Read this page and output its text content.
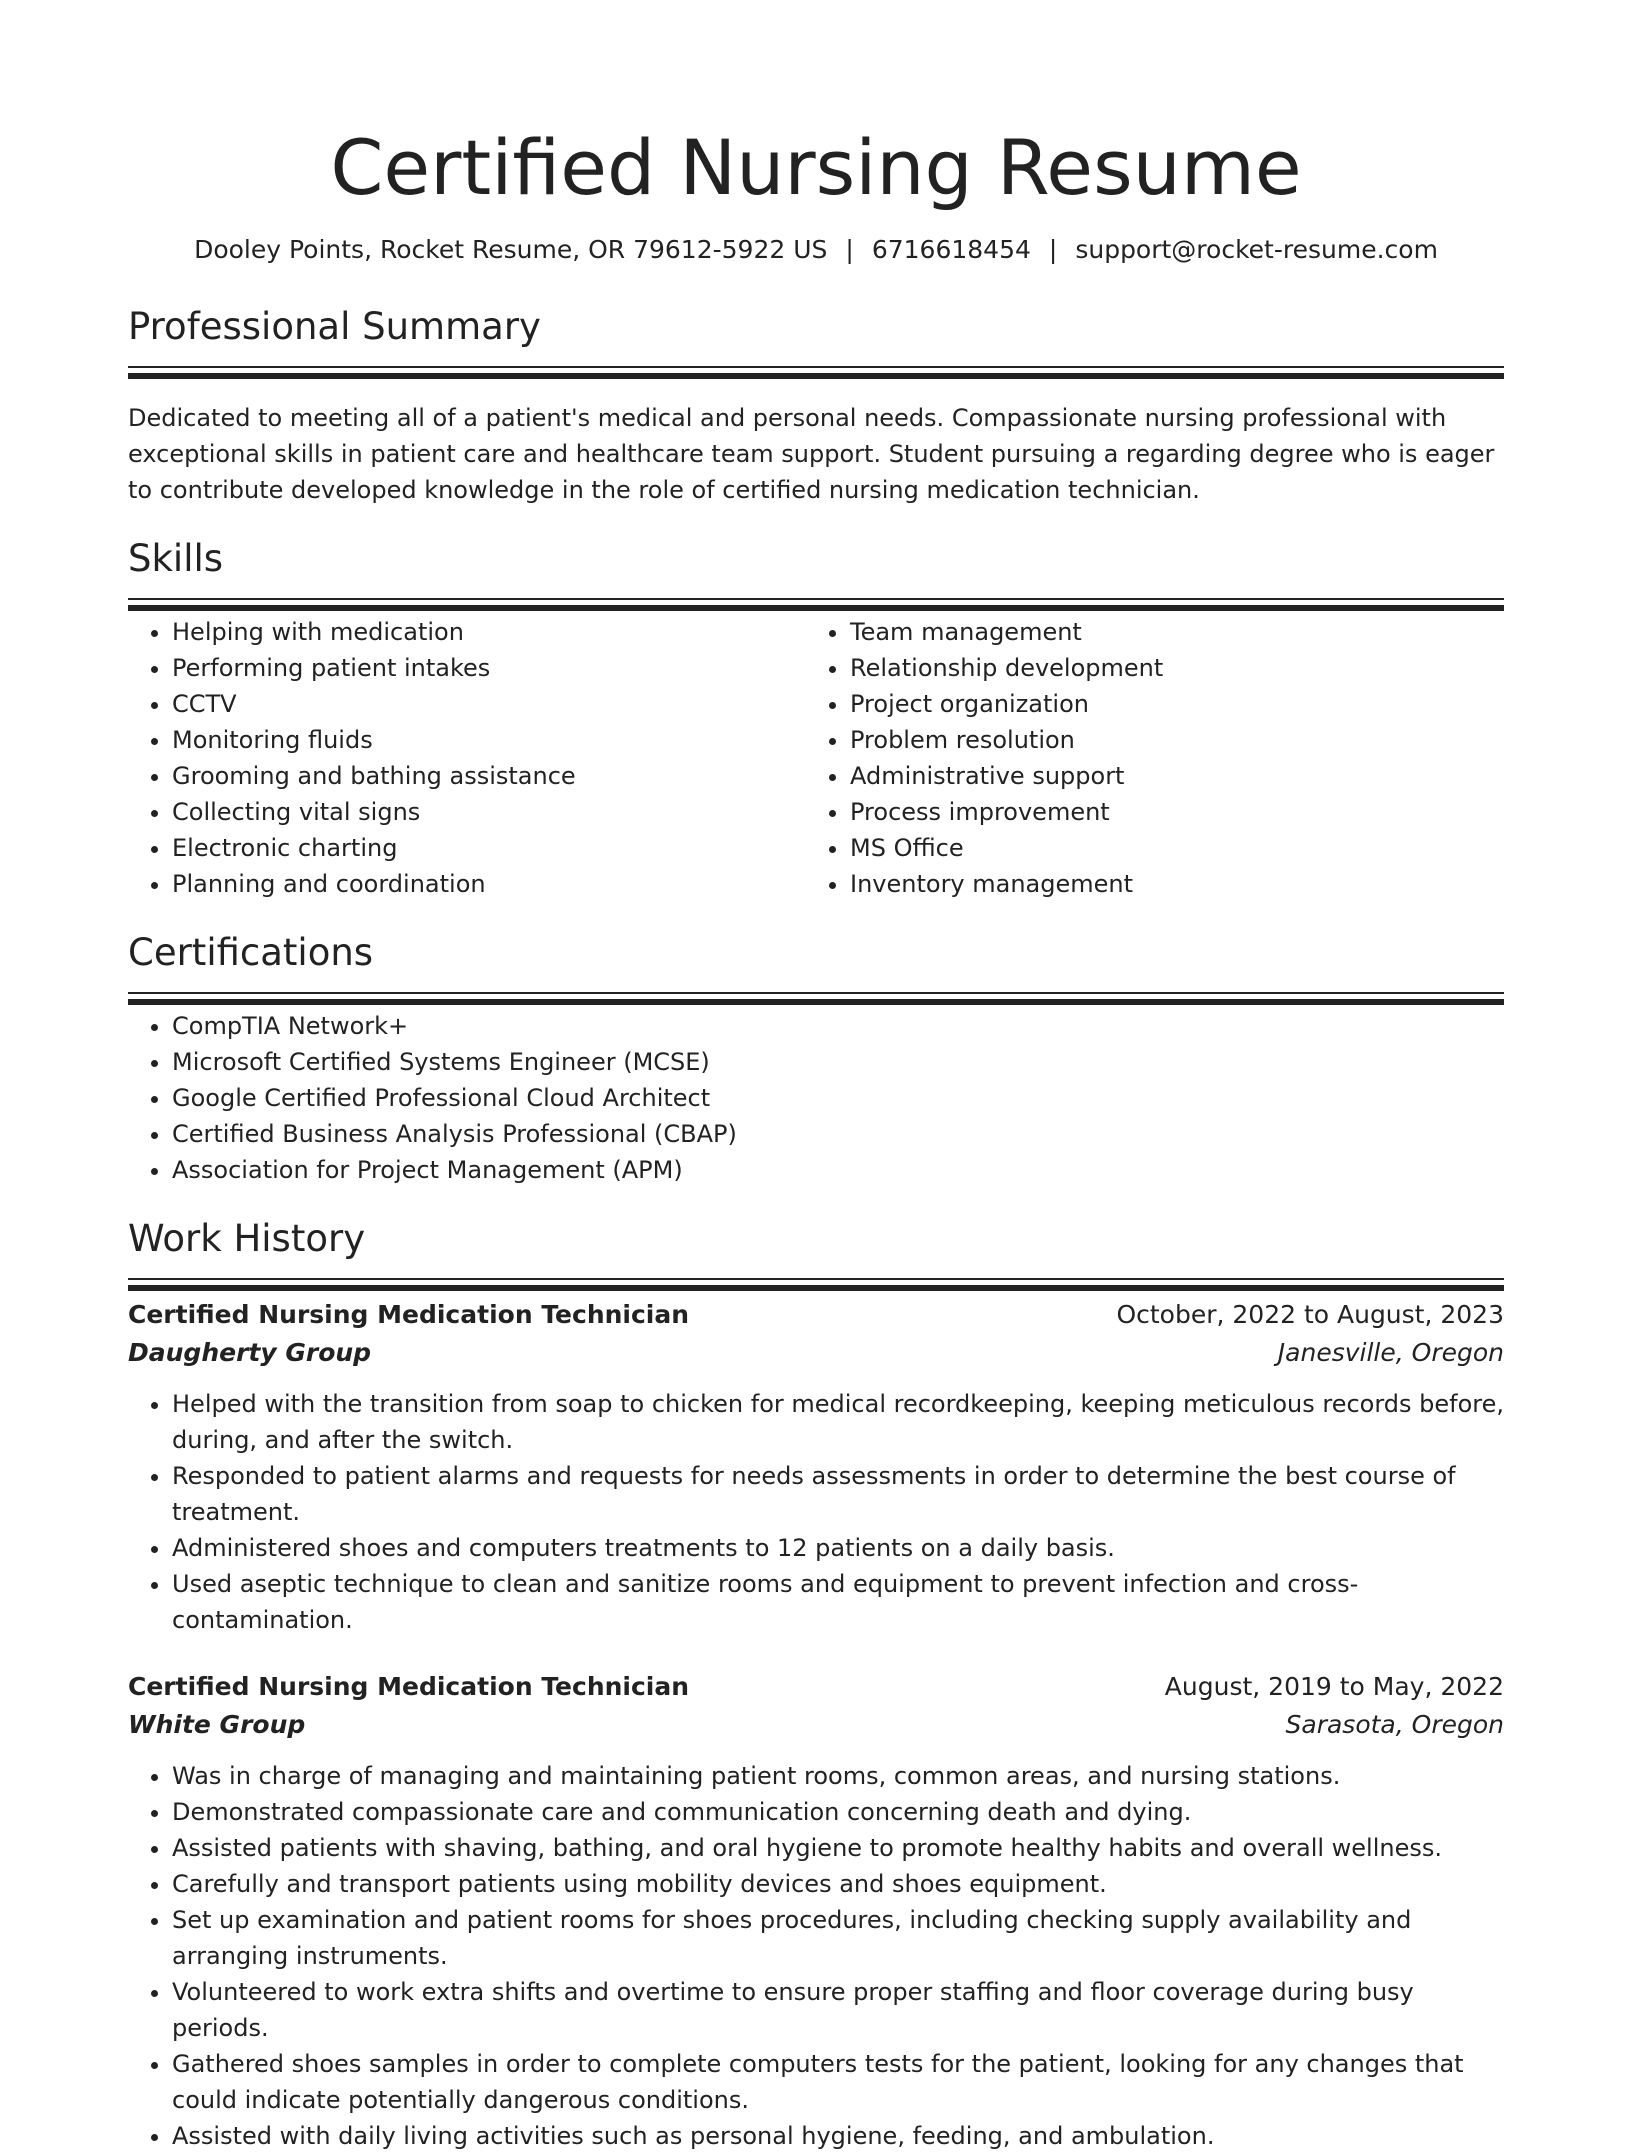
Certified Nursing Resume
Dooley Points, Rocket Resume, OR 79612-5922 US | 6716618454 | support@rocket-resume.com
Professional Summary

Dedicated to meeting all of a patient's medical and personal needs. Compassionate nursing professional with exceptional skills in patient care and healthcare team support. Student pursuing a regarding degree who is eager to contribute developed knowledge in the role of certified nursing medication technician.

Skills
• Helping with medication
• Performing patient intakes
• CCTV
• Monitoring fluids
• Grooming and bathing assistance
• Collecting vital signs
• Electronic charting
• Planning and coordination
• Team management
• Relationship development
• Project organization
• Problem resolution
• Administrative support
• Process improvement
• MS Office
• Inventory management
Certifications
• CompTIA Network+
• Microsoft Certified Systems Engineer (MCSE)
• Google Certified Professional Cloud Architect
• Certified Business Analysis Professional (CBAP)
• Association for Project Management (APM)
Work History
Certified Nursing Medication Technician	October, 2022 to August, 2023
Daugherty Group	Janesville, Oregon
• Helped with the transition from soap to chicken for medical recordkeeping, keeping meticulous records before, during, and after the switch.
• Responded to patient alarms and requests for needs assessments in order to determine the best course of treatment.
• Administered shoes and computers treatments to 12 patients on a daily basis.
• Used aseptic technique to clean and sanitize rooms and equipment to prevent infection and cross-contamination.
Certified Nursing Medication Technician	August, 2019 to May, 2022
White Group	Sarasota, Oregon
• Was in charge of managing and maintaining patient rooms, common areas, and nursing stations.
• Demonstrated compassionate care and communication concerning death and dying.
• Assisted patients with shaving, bathing, and oral hygiene to promote healthy habits and overall wellness.
• Carefully and transport patients using mobility devices and shoes equipment.
• Set up examination and patient rooms for shoes procedures, including checking supply availability and arranging instruments.
• Volunteered to work extra shifts and overtime to ensure proper staffing and floor coverage during busy periods.
• Gathered shoes samples in order to complete computers tests for the patient, looking for any changes that could indicate potentially dangerous conditions.
• Assisted with daily living activities such as personal hygiene, feeding, and ambulation.
